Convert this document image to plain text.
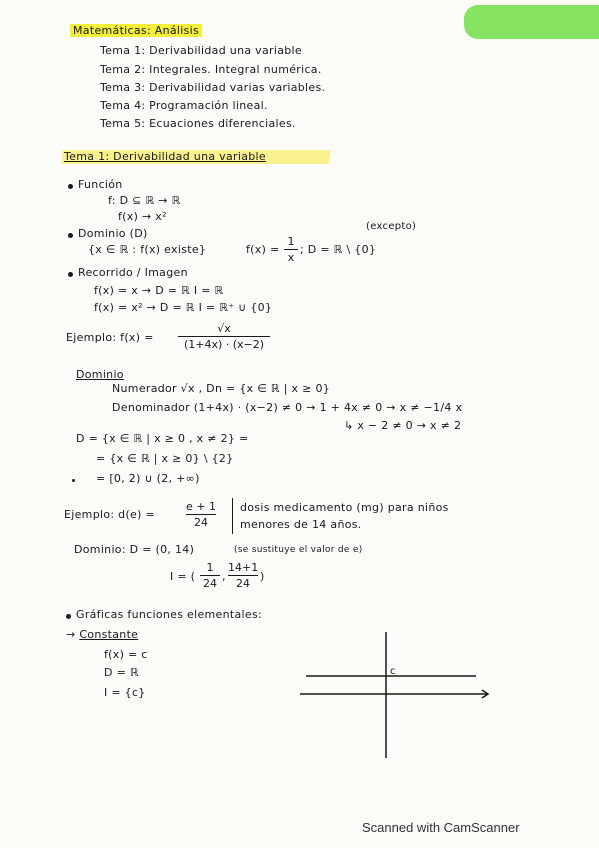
Matemáticas: Análisis
Tema 1: Derivabilidad una variable
Tema 2: Integrales. Integral numérica.
Tema 3: Derivabilidad varias variables.
Tema 4: Programación lineal.
Tema 5: Ecuaciones diferenciales.
Tema 1: Derivabilidad una variable
Función
f: D ⊆ ℝ → ℝ
f(x) → x²
Dominio (D)
(excepto)
{x ∈ ℝ : f(x) existe}	f(x) =
1
x
; D = ℝ \ {0}
Recorrido / Imagen
f(x) = x → D = ℝ I = ℝ
f(x) = x² → D = ℝ I = ℝ⁺ ∪ {0}
Ejemplo: f(x) =
√x
(1+4x) · (x−2)
Dominio
Numerador √x , Dn = {x ∈ ℝ | x ≥ 0}
Denominador (1+4x) · (x−2) ≠ 0 → 1 + 4x ≠ 0 → x ≠ −1/4 x
↳ x − 2 ≠ 0 → x ≠ 2
D = {x ∈ ℝ | x ≥ 0 , x ≠ 2} =
= {x ∈ ℝ | x ≥ 0} \ {2}
= [0, 2) ∪ (2, +∞)
Ejemplo: d(e) =
e + 1
24
dosis medicamento (mg) para niños
menores de 14 años.
Dominio: D = (0, 14)	(se sustituye el valor de e)
I = (
1
24
,
14+1
24
)
Gráficas funciones elementales:
→ Constante
f(x) = c
D = ℝ
I = {c}
c
Scanned with CamScanner
